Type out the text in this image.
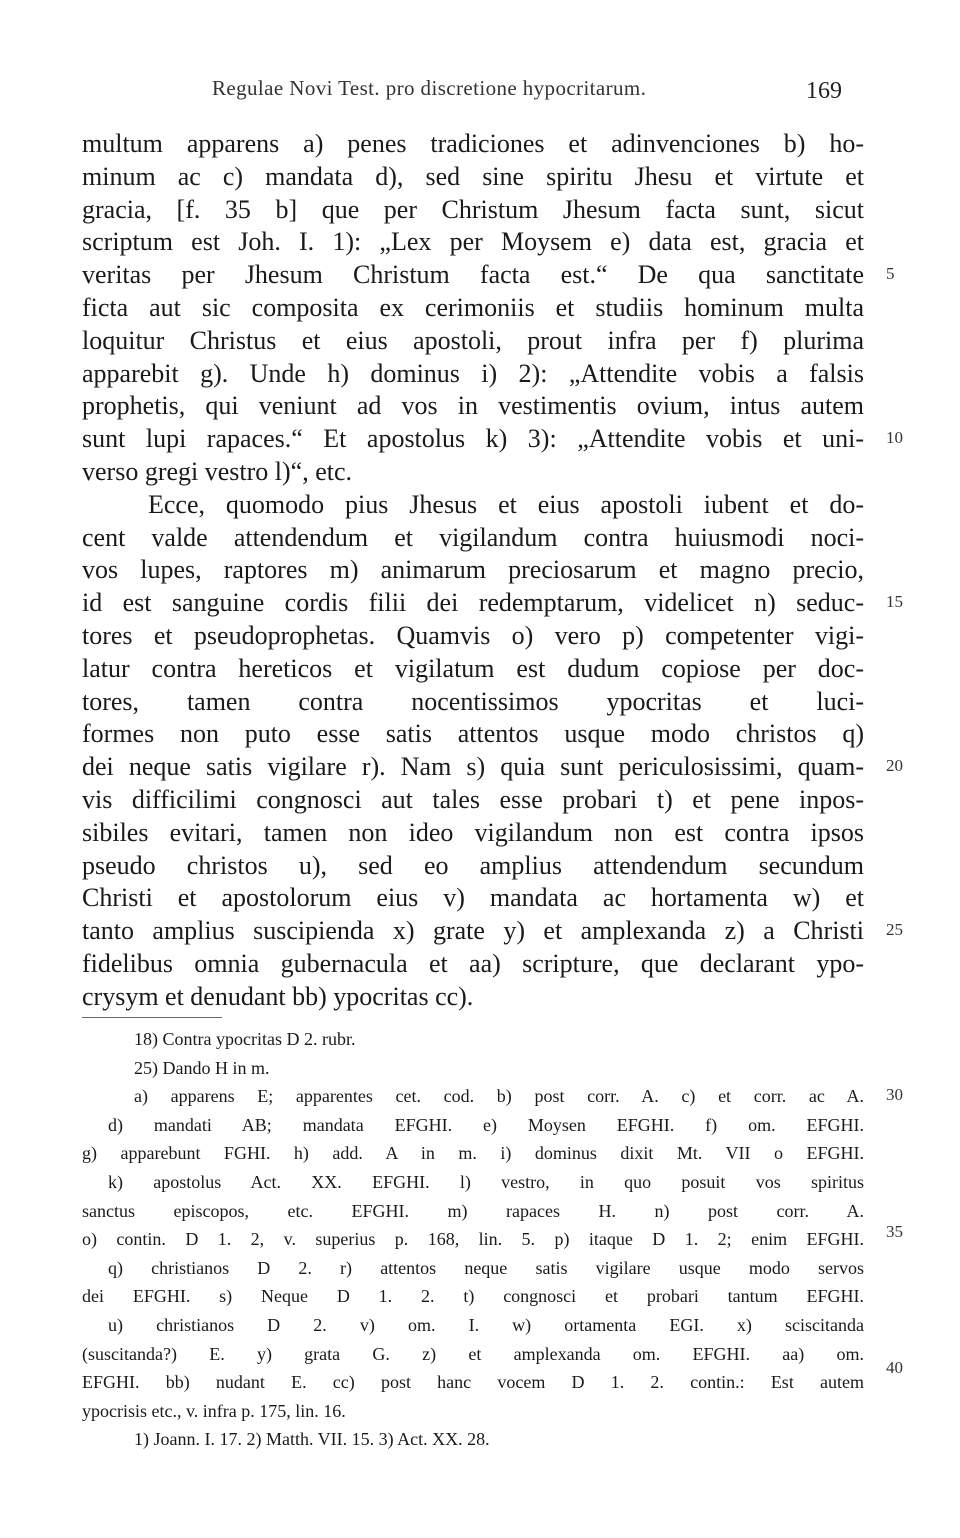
Regulae Novi Test. pro discretione hypocritarum.	169
multum apparens a) penes tradiciones et adinvenciones b) ho-
minum ac c) mandata d), sed sine spiritu Jhesu et virtute et
gracia, [f. 35 b] que per Christum Jhesum facta sunt, sicut
scriptum est Joh. I. 1): „Lex per Moysem e) data est, gracia et
veritas per Jhesum Christum facta est.“ De qua sanctitate
ficta aut sic composita ex cerimoniis et studiis hominum multa
loquitur Christus et eius apostoli, prout infra per f) plurima
apparebit g). Unde h) dominus i) 2): „Attendite vobis a falsis
prophetis, qui veniunt ad vos in vestimentis ovium, intus autem
sunt lupi rapaces.“ Et apostolus k) 3): „Attendite vobis et uni-
verso gregi vestro l)“, etc.
Ecce, quomodo pius Jhesus et eius apostoli iubent et do-
cent valde attendendum et vigilandum contra huiusmodi noci-
vos lupes, raptores m) animarum preciosarum et magno precio,
id est sanguine cordis filii dei redemptarum, videlicet n) seduc-
tores et pseudoprophetas. Quamvis o) vero p) competenter vigi-
latur contra hereticos et vigilatum est dudum copiose per doc-
tores, tamen contra nocentissimos ypocritas et luci-
formes non puto esse satis attentos usque modo christos q)
dei neque satis vigilare r). Nam s) quia sunt periculosissimi, quam-
vis difficilimi congnosci aut tales esse probari t) et pene inpos-
sibiles evitari, tamen non ideo vigilandum non est contra ipsos
pseudo christos u), sed eo amplius attendendum secundum
Christi et apostolorum eius v) mandata ac hortamenta w) et
tanto amplius suscipienda x) grate y) et amplexanda z) a Christi
fidelibus omnia gubernacula et aa) scripture, que declarant ypo-
crysym et denudant bb) ypocritas cc).
5
10
15
20
25
30
35
40
18) Contra ypocritas D 2. rubr.
25) Dando H in m.
a) apparens E; apparentes cet. cod. b) post corr. A. c) et corr. ac A.
d) mandati AB; mandata EFGHI. e) Moysen EFGHI. f) om. EFGHI.
g) apparebunt FGHI. h) add. A in m. i) dominus dixit Mt. VII o EFGHI.
k) apostolus Act. XX. EFGHI. l) vestro, in quo posuit vos spiritus
sanctus episcopos, etc. EFGHI. m) rapaces H. n) post corr. A.
o) contin. D 1. 2, v. superius p. 168, lin. 5. p) itaque D 1. 2; enim EFGHI.
q) christianos D 2. r) attentos neque satis vigilare usque modo servos
dei EFGHI. s) Neque D 1. 2. t) congnosci et probari tantum EFGHI.
u) christianos D 2. v) om. I. w) ortamenta EGI. x) sciscitanda
(suscitanda?) E. y) grata G. z) et amplexanda om. EFGHI. aa) om.
EFGHI. bb) nudant E. cc) post hanc vocem D 1. 2. contin.: Est autem
ypocrisis etc., v. infra p. 175, lin. 16.
1) Joann. I. 17. 2) Matth. VII. 15. 3) Act. XX. 28.
